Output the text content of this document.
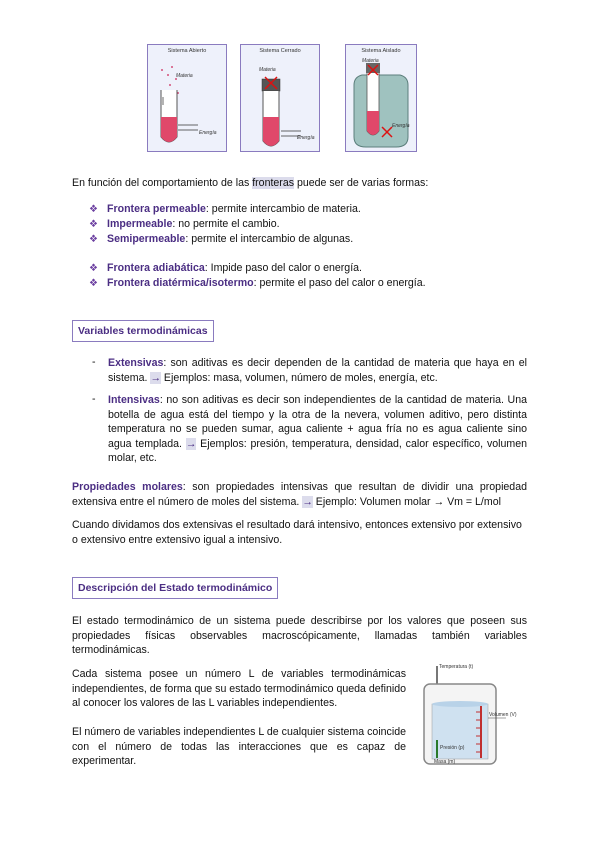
Sistema Abierto
Materia
Energía
Sistema Cerrado
Materia
Energía
Sistema Aislado
Materia
Energía
En función del comportamiento de las fronteras puede ser de varias formas:
❖ Frontera permeable: permite intercambio de materia.
❖ Impermeable: no permite el cambio.
❖ Semipermeable: permite el intercambio de algunas.
❖ Frontera adiabática: Impide paso del calor o energía.
❖ Frontera diatérmica/isotermo: permite el paso del calor o energía.
Variables termodinámicas
- Extensivas: son aditivas es decir dependen de la cantidad de materia que haya en el sistema. → Ejemplos: masa, volumen, número de moles, energía, etc.
- Intensivas: no son aditivas es decir son independientes de la cantidad de materia. Una botella de agua está del tiempo y la otra de la nevera, volumen aditivo, pero distinta temperatura no se pueden sumar, agua caliente + agua fría no es agua caliente sino agua templada. → Ejemplos: presión, temperatura, densidad, calor específico, volumen molar, etc.
Propiedades molares: son propiedades intensivas que resultan de dividir una propiedad extensiva entre el número de moles del sistema. → Ejemplo: Volumen molar → Vm = L/mol
Cuando dividamos dos extensivas el resultado dará intensivo, entonces extensivo por extensivo o extensivo entre extensivo igual a intensivo.
Descripción del Estado termodinámico
El estado termodinámico de un sistema puede describirse por los valores que poseen sus propiedades físicas observables macroscópicamente, llamadas también variables termodinámicas.
Cada sistema posee un número L de variables termodinámicas independientes, de forma que su estado termodinámico queda definido al conocer los valores de las L variables independientes.
El número de variables independientes L de cualquier sistema coincide con el número de todas las interacciones que es capaz de experimentar.
Temperatura (t)
Volumen (V)
Presión (p)
Masa (m)
